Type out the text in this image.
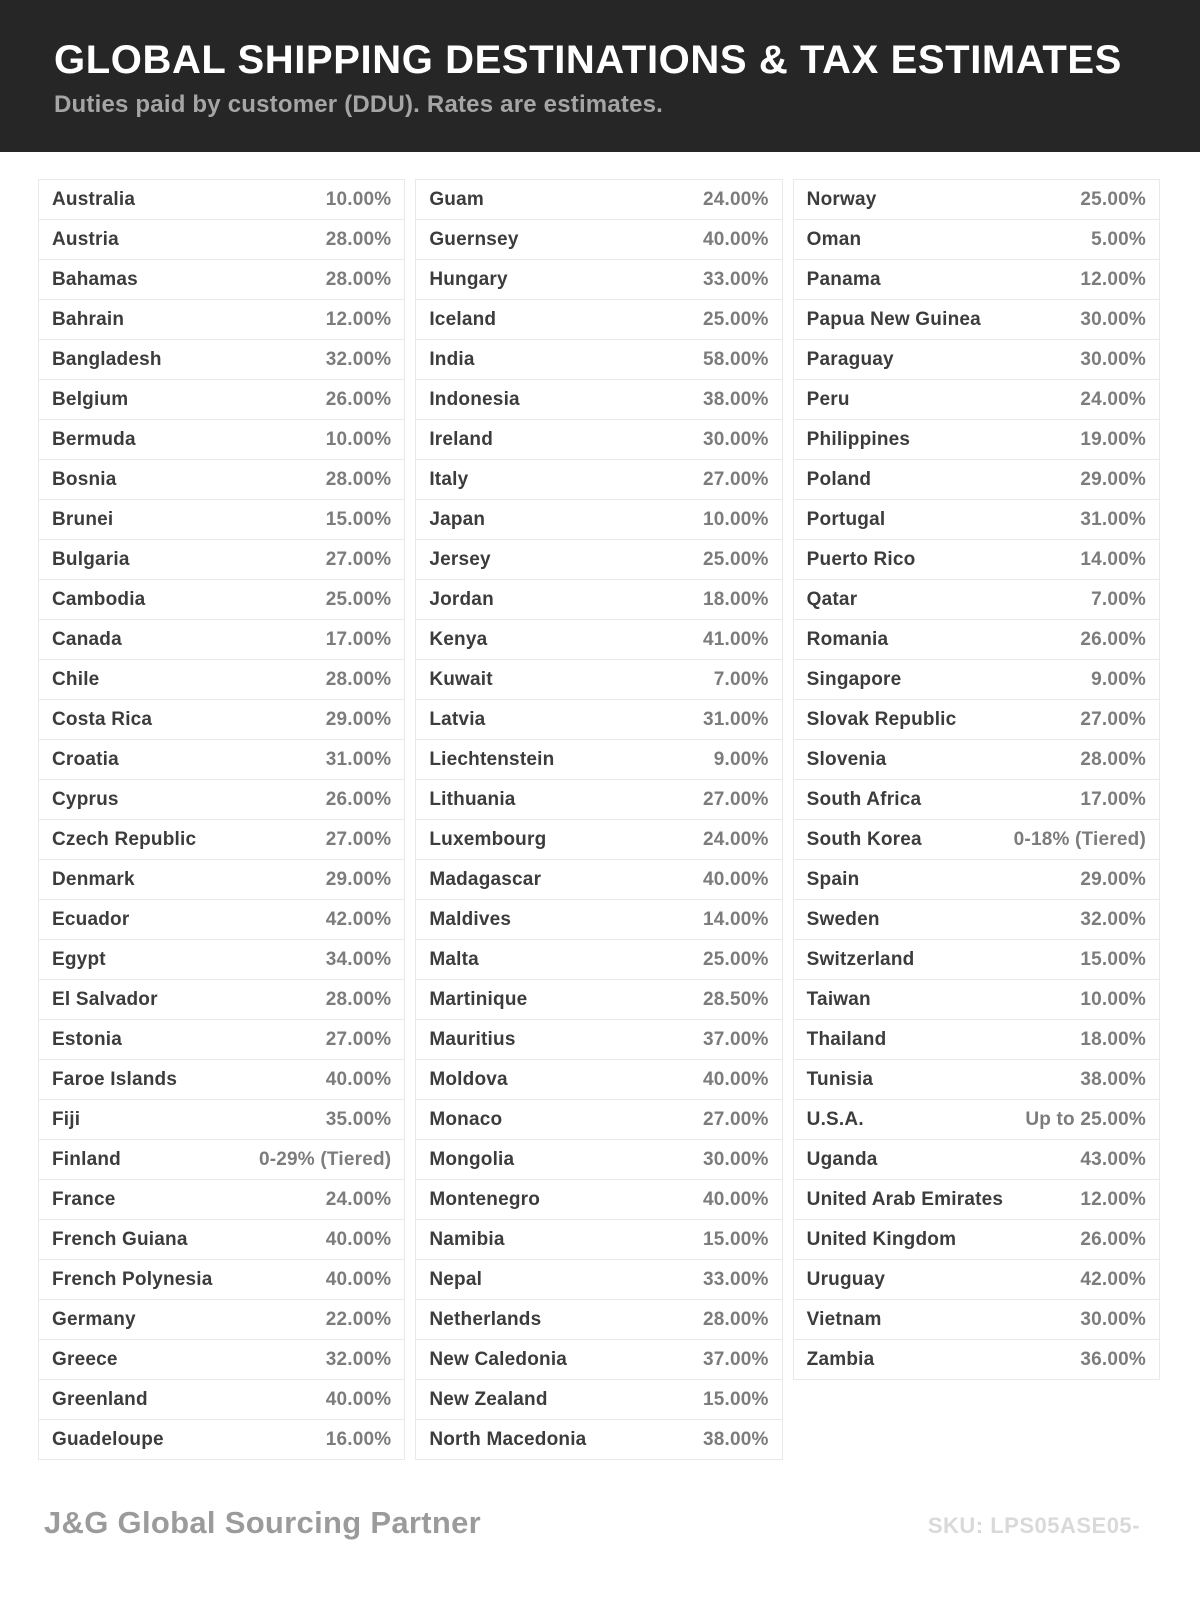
GLOBAL SHIPPING DESTINATIONS & TAX ESTIMATES
Duties paid by customer (DDU). Rates are estimates.
Australia	10.00%
Austria	28.00%
Bahamas	28.00%
Bahrain	12.00%
Bangladesh	32.00%
Belgium	26.00%
Bermuda	10.00%
Bosnia	28.00%
Brunei	15.00%
Bulgaria	27.00%
Cambodia	25.00%
Canada	17.00%
Chile	28.00%
Costa Rica	29.00%
Croatia	31.00%
Cyprus	26.00%
Czech Republic	27.00%
Denmark	29.00%
Ecuador	42.00%
Egypt	34.00%
El Salvador	28.00%
Estonia	27.00%
Faroe Islands	40.00%
Fiji	35.00%
Finland	0-29% (Tiered)
France	24.00%
French Guiana	40.00%
French Polynesia	40.00%
Germany	22.00%
Greece	32.00%
Greenland	40.00%
Guadeloupe	16.00%
Guam	24.00%
Guernsey	40.00%
Hungary	33.00%
Iceland	25.00%
India	58.00%
Indonesia	38.00%
Ireland	30.00%
Italy	27.00%
Japan	10.00%
Jersey	25.00%
Jordan	18.00%
Kenya	41.00%
Kuwait	7.00%
Latvia	31.00%
Liechtenstein	9.00%
Lithuania	27.00%
Luxembourg	24.00%
Madagascar	40.00%
Maldives	14.00%
Malta	25.00%
Martinique	28.50%
Mauritius	37.00%
Moldova	40.00%
Monaco	27.00%
Mongolia	30.00%
Montenegro	40.00%
Namibia	15.00%
Nepal	33.00%
Netherlands	28.00%
New Caledonia	37.00%
New Zealand	15.00%
North Macedonia	38.00%
Norway	25.00%
Oman	5.00%
Panama	12.00%
Papua New Guinea	30.00%
Paraguay	30.00%
Peru	24.00%
Philippines	19.00%
Poland	29.00%
Portugal	31.00%
Puerto Rico	14.00%
Qatar	7.00%
Romania	26.00%
Singapore	9.00%
Slovak Republic	27.00%
Slovenia	28.00%
South Africa	17.00%
South Korea	0-18% (Tiered)
Spain	29.00%
Sweden	32.00%
Switzerland	15.00%
Taiwan	10.00%
Thailand	18.00%
Tunisia	38.00%
U.S.A.	Up to 25.00%
Uganda	43.00%
United Arab Emirates	12.00%
United Kingdom	26.00%
Uruguay	42.00%
Vietnam	30.00%
Zambia	36.00%
J&G Global Sourcing Partner	SKU: LPS05ASE05-
